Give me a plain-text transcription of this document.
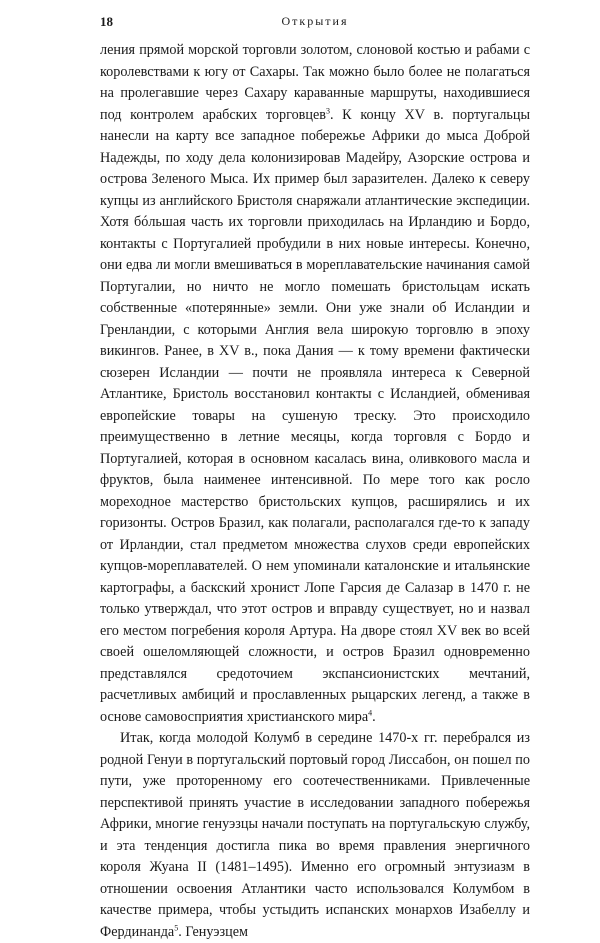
18	Открытия

ления прямой морской торговли золотом, слоновой костью и рабами с королевствами к югу от Сахары. Так можно было более не полагаться на пролегавшие через Сахару караванные маршруты, находившиеся под контролем арабских торговцев$^3$. К концу XV в. португальцы нанесли на карту все западное побережье Африки до мыса Доброй Надежды, по ходу дела колонизировав Мадейру, Азорские острова и острова Зеленого Мыса. Их пример был заразителен. Далеко к северу купцы из английского Бристоля снаряжали атлантические экспедиции. Хотя бóльшая часть их торговли приходилась на Ирландию и Бордо, контакты с Португалией пробудили в них новые интересы. Конечно, они едва ли могли вмешиваться в мореплавательские начинания самой Португалии, но ничто не могло помешать бристольцам искать собственные «потерянные» земли. Они уже знали об Исландии и Гренландии, с которыми Англия вела широкую торговлю в эпоху викингов. Ранее, в XV в., пока Дания — к тому времени фактически сюзерен Исландии — почти не проявляла интереса к Северной Атлантике, Бристоль восстановил контакты с Исландией, обменивая европейские товары на сушеную треску. Это происходило преимущественно в летние месяцы, когда торговля с Бордо и Португалией, которая в основном касалась вина, оливкового масла и фруктов, была наименее интенсивной. По мере того как росло мореходное мастерство бристольских купцов, расширялись и их горизонты. Остров Бразил, как полагали, располагался где-то к западу от Ирландии, стал предметом множества слухов среди европейских купцов-мореплавателей. О нем упоминали каталонские и итальянские картографы, а баскский хронист Лопе Гарсия де Салазар в 1470 г. не только утверждал, что этот остров и вправду существует, но и назвал его местом погребения короля Артура. На дворе стоял XV век во всей своей ошеломляющей сложности, и остров Бразил одновременно представлялся средоточием экспансионистских мечтаний, расчетливых амбиций и прославленных рыцарских легенд, а также в основе самовосприятия христианского мира$^4$.

Итак, когда молодой Колумб в середине 1470-х гг. перебрался из родной Генуи в португальский портовый город Лиссабон, он пошел по пути, уже проторенному его соотечественниками. Привлеченные перспективой принять участие в исследовании западного побережья Африки, многие генуэзцы начали поступать на португальскую службу, и эта тенденция достигла пика во время правления энергичного короля Жуана II (1481–1495). Именно его огромный энтузиазм в отношении освоения Атлантики часто использовался Колумбом в качестве примера, чтобы устыдить испанских монархов Изабеллу и Фердинанда$^5$. Генуэзцем
